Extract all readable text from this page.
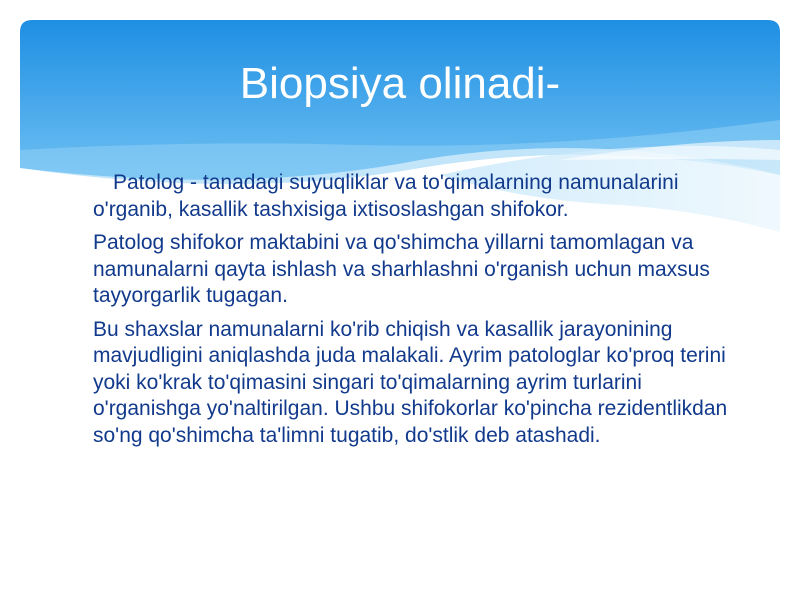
Biopsiya olinadi-

Patolog - tanadagi suyuqliklar va to'qimalarning namunalarini o'rganib, kasallik tashxisiga ixtisoslashgan shifokor.

Patolog shifokor maktabini va qo'shimcha yillarni tamomlagan va namunalarni qayta ishlash va sharhlashni o'rganish uchun maxsus tayyorgarlik tugagan.

Bu shaxslar namunalarni ko'rib chiqish va kasallik jarayonining mavjudligini aniqlashda juda malakali. Ayrim patologlar ko'proq terini yoki ko'krak to'qimasini singari to'qimalarning ayrim turlarini o'rganishga yo'naltirilgan. Ushbu shifokorlar ko'pincha rezidentlikdan so'ng qo'shimcha ta'limni tugatib, do'stlik deb atashadi.
